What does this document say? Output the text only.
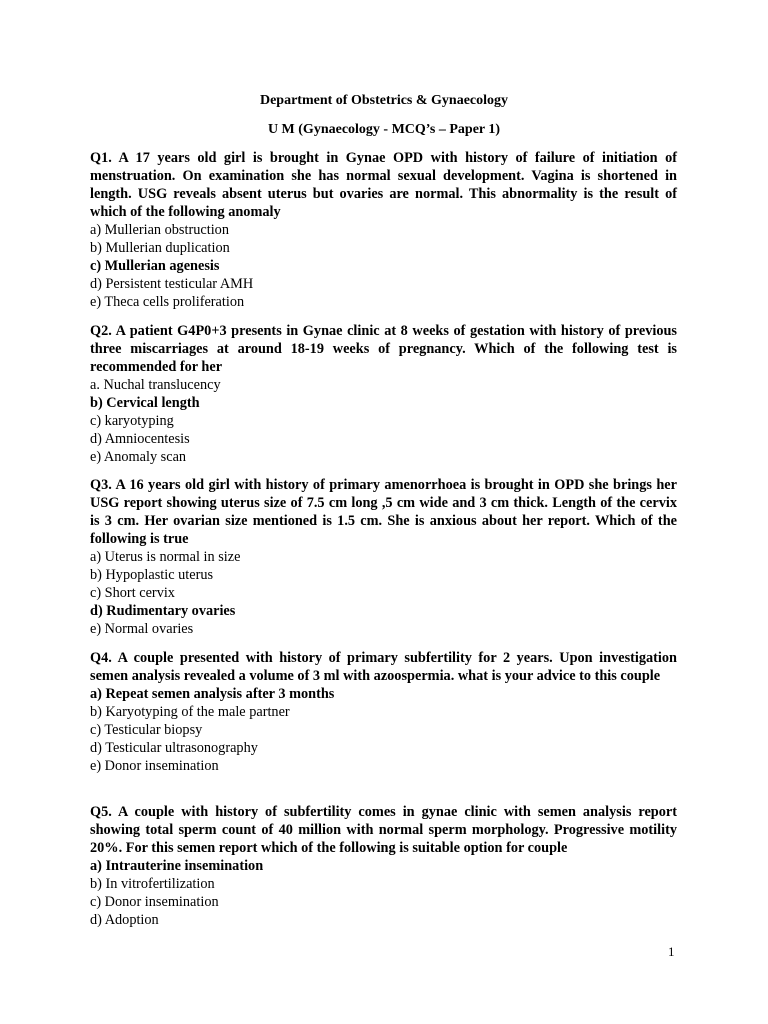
Department of Obstetrics & Gynaecology
U M (Gynaecology - MCQ’s – Paper 1)

Q1. A 17 years old girl is brought in Gynae OPD with history of failure of initiation of menstruation. On examination she has normal sexual development. Vagina is shortened in length. USG reveals absent uterus but ovaries are normal. This abnormality is the result of which of the following anomaly

a) Mullerian obstruction

b) Mullerian duplication

c) Mullerian agenesis

d) Persistent testicular AMH

e) Theca cells proliferation

Q2. A patient G4P0+3 presents in Gynae clinic at 8 weeks of gestation with history of previous three miscarriages at around 18-19 weeks of pregnancy. Which of the following test is recommended for her

a. Nuchal translucency

b) Cervical length

c) karyotyping

d) Amniocentesis

e) Anomaly scan

Q3. A 16 years old girl with history of primary amenorrhoea is brought in OPD she brings her USG report showing uterus size of 7.5 cm long ,5 cm wide and 3 cm thick. Length of the cervix is 3 cm. Her ovarian size mentioned is 1.5 cm. She is anxious about her report. Which of the following is true

a) Uterus is normal in size

b) Hypoplastic uterus

c) Short cervix

d) Rudimentary ovaries

e) Normal ovaries

Q4. A couple presented with history of primary subfertility for 2 years. Upon investigation semen analysis revealed a volume of 3 ml with azoospermia. what is your advice to this couple

a) Repeat semen analysis after 3 months

b) Karyotyping of the male partner

c) Testicular biopsy

d) Testicular ultrasonography

e) Donor insemination

Q5. A couple with history of subfertility comes in gynae clinic with semen analysis report showing total sperm count of 40 million with normal sperm morphology. Progressive motility 20%. For this semen report which of the following is suitable option for couple

a) Intrauterine insemination

b) In vitrofertilization

c) Donor insemination

d) Adoption

1
